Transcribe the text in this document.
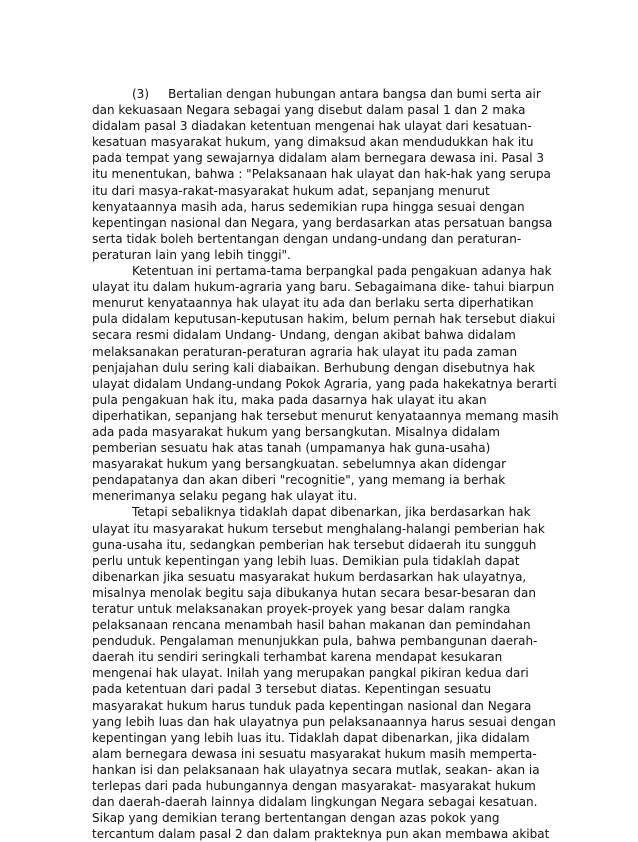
(3)     Bertalian dengan hubungan antara bangsa dan bumi serta air
dan kekuasaan Negara sebagai yang disebut dalam pasal 1 dan 2 maka
didalam pasal 3 diadakan ketentuan mengenai hak ulayat dari kesatuan-
kesatuan masyarakat hukum, yang dimaksud akan mendudukkan hak itu
pada tempat yang sewajarnya didalam alam bernegara dewasa ini. Pasal 3
itu menentukan, bahwa : "Pelaksanaan hak ulayat dan hak-hak yang serupa
itu dari masya-rakat-masyarakat hukum adat, sepanjang menurut
kenyataannya masih ada, harus sedemikian rupa hingga sesuai dengan
kepentingan nasional dan Negara, yang berdasarkan atas persatuan bangsa
serta tidak boleh bertentangan dengan undang-undang dan peraturan-
peraturan lain yang lebih tinggi".
Ketentuan ini pertama-tama berpangkal pada pengakuan adanya hak
ulayat itu dalam hukum-agraria yang baru. Sebagaimana dike- tahui biarpun
menurut kenyataannya hak ulayat itu ada dan berlaku serta diperhatikan
pula didalam keputusan-keputusan hakim, belum pernah hak tersebut diakui
secara resmi didalam Undang- Undang, dengan akibat bahwa didalam
melaksanakan peraturan-peraturan agraria hak ulayat itu pada zaman
penjajahan dulu sering kali diabaikan. Berhubung dengan disebutnya hak
ulayat didalam Undang-undang Pokok Agraria, yang pada hakekatnya berarti
pula pengakuan hak itu, maka pada dasarnya hak ulayat itu akan
diperhatikan, sepanjang hak tersebut menurut kenyataannya memang masih
ada pada masyarakat hukum yang bersangkutan. Misalnya didalam
pemberian sesuatu hak atas tanah (umpamanya hak guna-usaha)
masyarakat hukum yang bersangkuatan. sebelumnya akan didengar
pendapatanya dan akan diberi "recognitie", yang memang ia berhak
menerimanya selaku pegang hak ulayat itu.
Tetapi sebaliknya tidaklah dapat dibenarkan, jika berdasarkan hak
ulayat itu masyarakat hukum tersebut menghalang-halangi pemberian hak
guna-usaha itu, sedangkan pemberian hak tersebut didaerah itu sungguh
perlu untuk kepentingan yang lebih luas. Demikian pula tidaklah dapat
dibenarkan jika sesuatu masyarakat hukum berdasarkan hak ulayatnya,
misalnya menolak begitu saja dibukanya hutan secara besar-besaran dan
teratur untuk melaksanakan proyek-proyek yang besar dalam rangka
pelaksanaan rencana menambah hasil bahan makanan dan pemindahan
penduduk. Pengalaman menunjukkan pula, bahwa pembangunan daerah-
daerah itu sendiri seringkali terhambat karena mendapat kesukaran
mengenai hak ulayat. Inilah yang merupakan pangkal pikiran kedua dari
pada ketentuan dari padal 3 tersebut diatas. Kepentingan sesuatu
masyarakat hukum harus tunduk pada kepentingan nasional dan Negara
yang lebih luas dan hak ulayatnya pun pelaksanaannya harus sesuai dengan
kepentingan yang lebih luas itu. Tidaklah dapat dibenarkan, jika didalam
alam bernegara dewasa ini sesuatu masyarakat hukum masih memperta-
hankan isi dan pelaksanaan hak ulayatnya secara mutlak, seakan- akan ia
terlepas dari pada hubungannya dengan masyarakat- masyarakat hukum
dan daerah-daerah lainnya didalam lingkungan Negara sebagai kesatuan.
Sikap yang demikian terang bertentangan dengan azas pokok yang
tercantum dalam pasal 2 dan dalam prakteknya pun akan membawa akibat
